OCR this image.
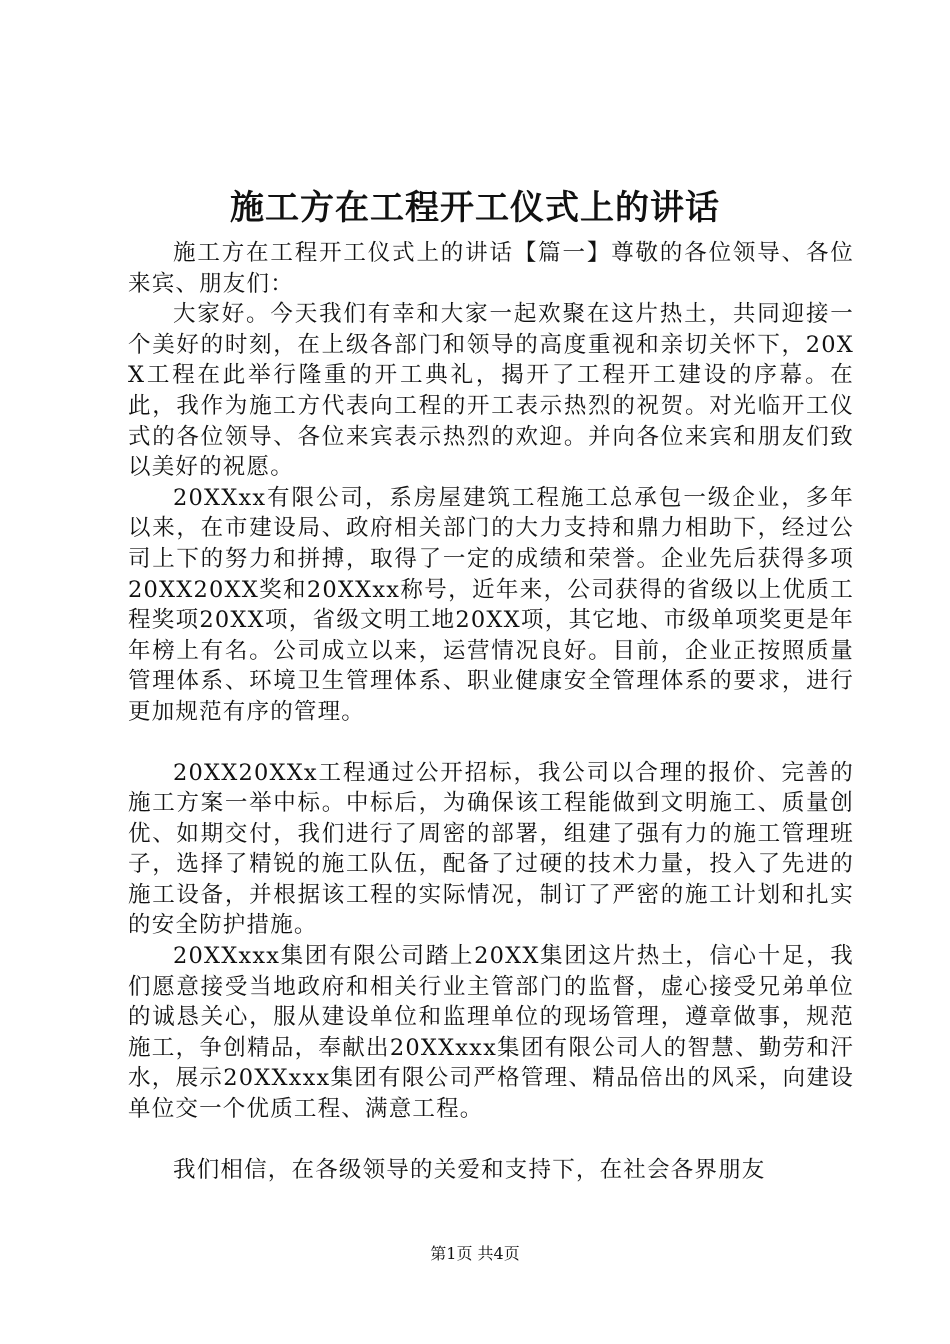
施工方在工程开工仪式上的讲话

施工方在工程开工仪式上的讲话【篇一】尊敬的各位领导、各位来宾、朋友们：

大家好。今天我们有幸和大家一起欢聚在这片热土，共同迎接一个美好的时刻，在上级各部门和领导的高度重视和亲切关怀下，20XX工程在此举行隆重的开工典礼，揭开了工程开工建设的序幕。在此，我作为施工方代表向工程的开工表示热烈的祝贺。对光临开工仪式的各位领导、各位来宾表示热烈的欢迎。并向各位来宾和朋友们致以美好的祝愿。

20XXxx有限公司，系房屋建筑工程施工总承包一级企业，多年以来，在市建设局、政府相关部门的大力支持和鼎力相助下，经过公司上下的努力和拼搏，取得了一定的成绩和荣誉。企业先后获得多项20XX20XX奖和20XXxx称号，近年来，公司获得的省级以上优质工程奖项20XX项，省级文明工地20XX项，其它地、市级单项奖更是年年榜上有名。公司成立以来，运营情况良好。目前，企业正按照质量管理体系、环境卫生管理体系、职业健康安全管理体系的要求，进行更加规范有序的管理。

20XX20XXx工程通过公开招标，我公司以合理的报价、完善的施工方案一举中标。中标后，为确保该工程能做到文明施工、质量创优、如期交付，我们进行了周密的部署，组建了强有力的施工管理班子，选择了精锐的施工队伍，配备了过硬的技术力量，投入了先进的施工设备，并根据该工程的实际情况，制订了严密的施工计划和扎实的安全防护措施。

20XXxxx集团有限公司踏上20XX集团这片热土，信心十足，我们愿意接受当地政府和相关行业主管部门的监督，虚心接受兄弟单位的诚恳关心，服从建设单位和监理单位的现场管理，遵章做事，规范施工，争创精品，奉献出20XXxxx集团有限公司人的智慧、勤劳和汗水，展示20XXxxx集团有限公司严格管理、精品倍出的风采，向建设单位交一个优质工程、满意工程。

我们相信，在各级领导的关爱和支持下，在社会各界朋友

第1页 共4页
